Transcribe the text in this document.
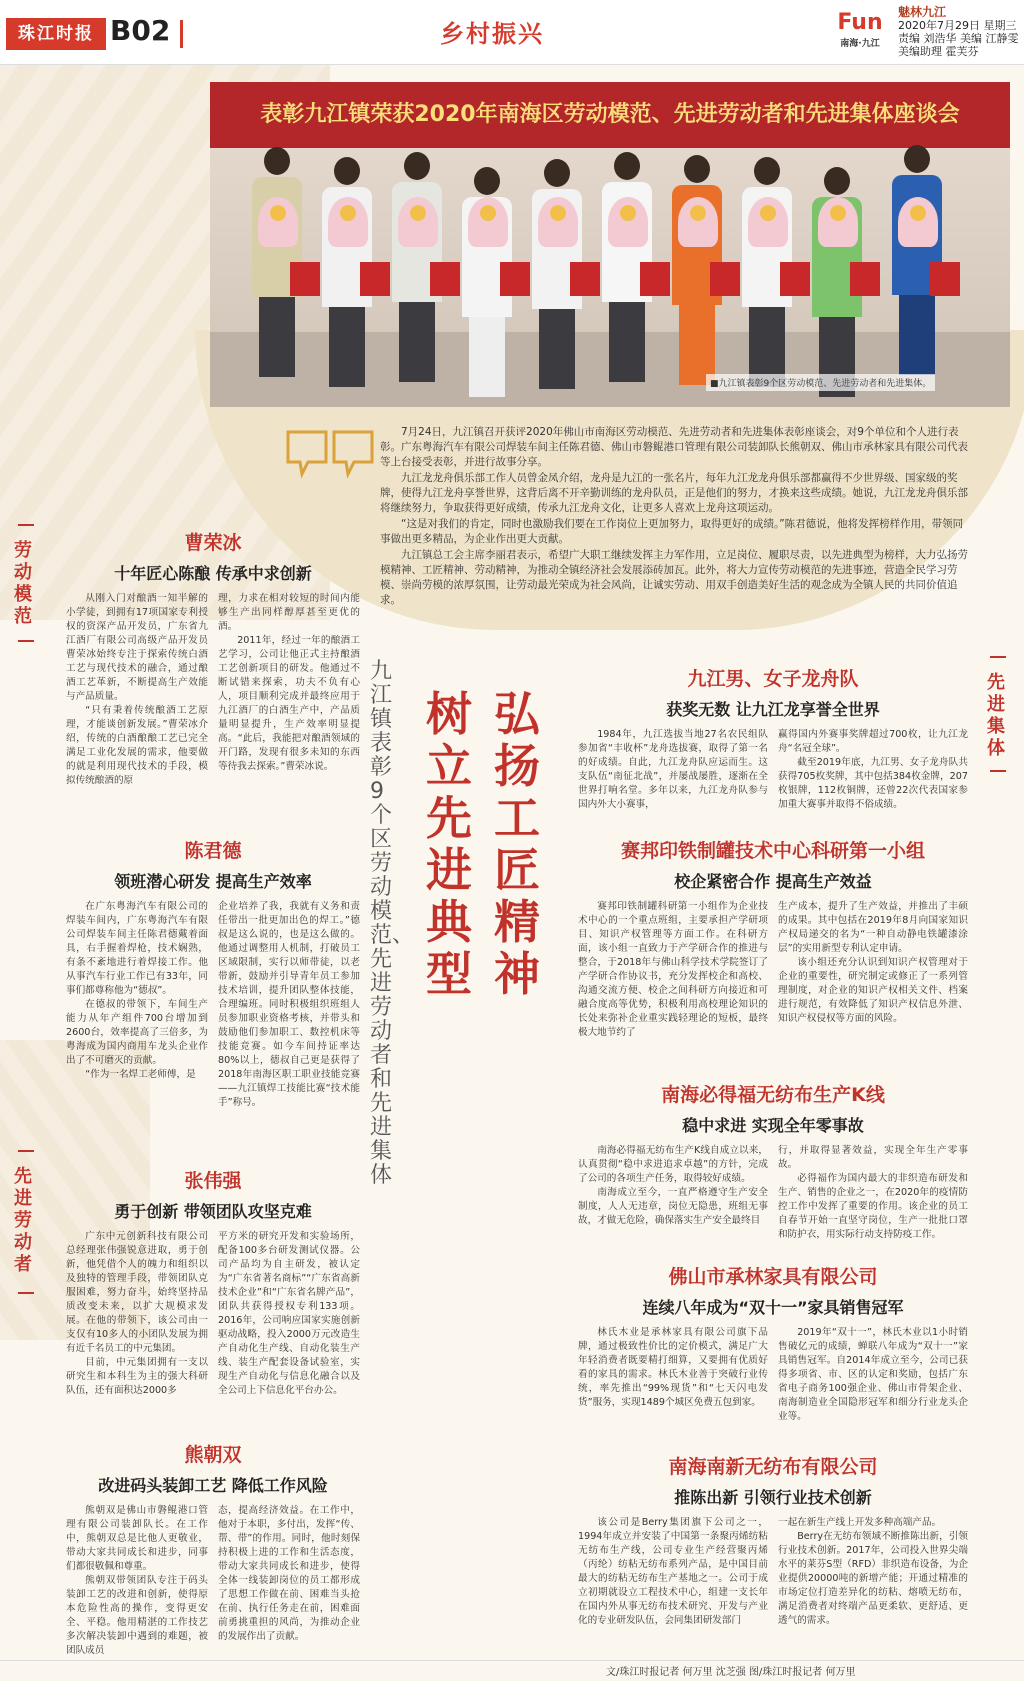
珠江时报 B02	乡村振兴	Fun
南海·九江
魅林九江
2020年7月29日 星期三
责编 刘浩华 美编 江静雯
美编助理 霍芙芬
表彰九江镇荣获2020年南海区劳动模范、先进劳动者和先进集体座谈会
■九江镇表彰9个区劳动模范、先进劳动者和先进集体。

7月24日，九江镇召开获评2020年佛山市南海区劳动模范、先进劳动者和先进集体表彰座谈会，对9个单位和个人进行表彰。广东粤海汽车有限公司焊装车间主任陈君德、佛山市磐鲲港口管理有限公司装卸队长熊朝双、佛山市承林家具有限公司代表等上台接受表彰，并进行故事分享。

九江龙龙舟俱乐部工作人员曾金凤介绍，龙舟是九江的一张名片，每年九江龙龙舟俱乐部都赢得不少世界级、国家级的奖牌，使得九江龙舟享誉世界，这背后离不开辛勤训练的龙舟队员，正是他们的努力，才换来这些成绩。她说，九江龙龙舟俱乐部将继续努力，争取获得更好成绩，传承九江龙舟文化，让更多人喜欢上龙舟这项运动。

“这是对我们的肯定，同时也激励我们要在工作岗位上更加努力，取得更好的成绩。”陈君德说，他将发挥榜样作用，带领同事做出更多精品，为企业作出更大贡献。

九江镇总工会主席李丽君表示，希望广大职工继续发挥主力军作用，立足岗位、履职尽责，以先进典型为榜样，大力弘扬劳模精神、工匠精神、劳动精神，为推动全镇经济社会发展添砖加瓦。此外，将大力宣传劳动模范的先进事迹，营造全民学习劳模、崇尚劳模的浓厚氛围，让劳动最光荣成为社会风尚，让诚实劳动、用双手创造美好生活的观念成为全镇人民的共同价值追求。

弘扬工匠精神
树立先进典型
九江镇表彰9个区劳动模范、先进劳动者和先进集体
劳动模范
先进劳动者
先进集体
曹荣冰
十年匠心陈酿 传承中求创新

从刚入门对酿酒一知半解的小学徒，到拥有17项国家专利授权的资深产品开发员，广东省九江酒厂有限公司高级产品开发员曹荣冰始终专注于探索传统白酒工艺与现代技术的融合，通过酿酒工艺革新，不断提高生产效能与产品质量。

“只有秉着传统酿酒工艺原理，才能谈创新发展。”曹荣冰介绍，传统的白酒酿酿工艺已完全满足工业化发展的需求，他要做的就是利用现代技术的手段，模拟传统酿酒的原

理，力求在相对较短的时间内能够生产出同样醇厚甚至更优的酒。

2011年，经过一年的酿酒工艺学习，公司让他正式主持酿酒工艺创新项目的研发。他通过不断试错来探索，功夫不负有心人，项目顺利完成并最终应用于九江酒厂的白酒生产中，产品质量明显提升，生产效率明显提高。“此后，我能把对酿酒领域的开门路，发现有很多未知的东西等待我去探索。”曹荣冰说。

陈君德
领班潜心研发 提高生产效率

在广东粤海汽车有限公司的焊装车间内，广东粤海汽车有限公司焊装车间主任陈君德戴着面具，右手握着焊枪，技术娴熟，有条不紊地进行着焊接工作。他从事汽车行业工作已有33年，同事们都尊称他为“德叔”。

在德叔的带领下，车间生产能力从年产组件700台增加到2600台，效率提高了三倍多，为粤海成为国内商用车龙头企业作出了不可磨灭的贡献。

“作为一名焊工老师傅，是

企业培养了我，我就有义务和责任带出一批更加出色的焊工。”德叔是这么说的，也是这么做的。他通过调整用人机制，打破员工区域限制，实行以师带徒，以老带新，鼓励并引导青年员工参加技术培训，提升团队整体技能，合理编班。同时积极组织班组人员参加职业资格考核，并带头和鼓励他们参加职工、数控机床等技能竞赛。如今车间持证率达80%以上，德叔自己更是获得了2018年南海区职工职业技能竞赛——九江镇焊工技能比赛“技术能手”称号。

张伟强
勇于创新 带领团队攻坚克难

广东中元创新科技有限公司总经理张伟强锐意进取，勇于创新，他凭借个人的魄力和组织以及独特的管理手段，带领团队克服困难，努力奋斗，始终坚持品质改变未来，以扩大规模求发展。在他的带领下，该公司由一支仅有10多人的小团队发展为拥有近千名员工的中元集团。

目前，中元集团拥有一支以研究生和本科生为主的强大科研队伍，还有面积达2000多

平方米的研究开发和实验场所，配备100多台研发测试仪器。公司产品均为自主研发，被认定为“广东省著名商标”“广东省高新技术企业”和“广东省名牌产品”，团队共获得授权专利133项。2016年，公司响应国家实施创新驱动战略，投入2000万元改造生产自动化生产线、自动化装生产线、装生产配套设备试验室，实现生产自动化与信息化融合以及全公司上下信息化平台办公。

熊朝双
改进码头装卸工艺 降低工作风险

熊朝双是佛山市磐鲲港口管理有限公司装卸队长。在工作中，熊朝双总是比他人更敬业，带动大家共同成长和进步，同事们都很敬佩和尊重。

熊朝双带领团队专注于码头装卸工艺的改进和创新，使得原本危险性高的操作，变得更安全、平稳。他用精湛的工作技艺多次解决装卸中遇到的难题，被团队成员

态，提高经济效益。在工作中，他对于本职，多付出，发挥“传、帮、带”的作用。同时，他时刻保持积极上进的工作和生活态度，带动大家共同成长和进步，使得全体一线装卸岗位的员工都形成了思想工作做在前、困难当头抢在前、执行任务走在前，困难面前勇挑重担的风尚，为推动企业的发展作出了贡献。

九江男、女子龙舟队
获奖无数 让九江龙享誉全世界

1984年，九江选拔当地27名农民组队参加省“丰收杯”龙舟选拔赛，取得了第一名的好成绩。自此，九江龙舟队应运而生。这支队伍“南征北战”，并屡战屡胜，逐渐在全世界打响名堂。多年以来，九江龙舟队参与国内外大小赛事，

赢得国内外赛事奖牌超过700枚，让九江龙舟“名冠全球”。

截至2019年底，九江男、女子龙舟队共获得705枚奖牌，其中包括384枚金牌，207枚银牌，112枚铜牌，还曾22次代表国家参加重大赛事并取得不俗成绩。

赛邦印铁制罐技术中心科研第一小组
校企紧密合作 提高生产效益

赛邦印铁制罐科研第一小组作为企业技术中心的一个重点班组，主要承担产学研项目、知识产权管理等方面工作。在科研方面，该小组一直致力于产学研合作的推进与整合，于2018年与佛山科学技术学院签订了产学研合作协议书，充分发挥校企和高校、沟通交流方便、校企之间科研方向接近和可融合度高等优势，积极利用高校理论知识的长处来弥补企业重实践轻理论的短板，最终极大地节约了

生产成本，提升了生产效益，并推出了丰硕的成果。其中包括在2019年8月向国家知识产权局递交的名为“一种自动静电铁罐漆涂层”的实用新型专利认定申请。

该小组还充分认识到知识产权管理对于企业的重要性，研究制定或修正了一系列管理制度，对企业的知识产权相关文件、档案进行规范，有效降低了知识产权信息外泄、知识产权侵权等方面的风险。

南海必得福无纺布生产K线
稳中求进 实现全年零事故

南海必得福无纺布生产K线自成立以来，认真贯彻“稳中求进追求卓越”的方针，完成了公司的各项生产任务，取得较好成绩。

南海成立至今，一直严格遵守生产安全制度，人人无违章，岗位无隐患，班组无事故，才做无危险，确保落实生产安全最终目

行，并取得显著效益，实现全年生产零事故。

必得福作为国内最大的非织造布研发和生产、销售的企业之一，在2020年的疫情防控工作中发挥了重要的作用。该企业的员工自春节开始一直坚守岗位，生产一批批口罩和防护衣，用实际行动支持防疫工作。

佛山市承林家具有限公司
连续八年成为“双十一”家具销售冠军

林氏木业是承林家具有限公司旗下品牌，通过极致性价比的定价模式，满足广大年轻消费者既要精打细算，又要拥有优质好看的家具的需求。林氏木业善于突破行业传统，率先推出“99%现货”和“七天闪电发货”服务，实现1489个城区免费五包到家。

2019年“双十一”，林氏木业以1小时销售破亿元的成绩，蝉联八年成为“双十一”家具销售冠军。自2014年成立至今，公司已获得多项省、市、区的认定和奖励，包括广东省电子商务100强企业、佛山市骨架企业、南海制造业全国隐形冠军和细分行业龙头企业等。

南海南新无纺布有限公司
推陈出新 引领行业技术创新

该公司是Berry集团旗下公司之一，1994年成立并安装了中国第一条聚丙烯纺粘无纺布生产线，公司专业生产经营聚丙烯（丙纶）纺粘无纺布系列产品，是中国目前最大的纺粘无纺布生产基地之一。公司于成立初期就设立工程技术中心，组建一支长年在国内外从事无纺布技术研究、开发与产业化的专业研发队伍，会同集团研发部门

一起在新生产线上开发多种高端产品。

Berry在无纺布领域不断推陈出新，引领行业技术创新。2017年，公司投入世界尖端水平的莱芬S型（RFD）非织造布设备，为企业提供20000吨的新增产能；开通过精准的市场定位打造差异化的纺粘、熔喷无纺布，满足消费者对终端产品更柔软、更舒适、更透气的需求。

文/珠江时报记者 何万里 沈芝强 图/珠江时报记者 何万里
